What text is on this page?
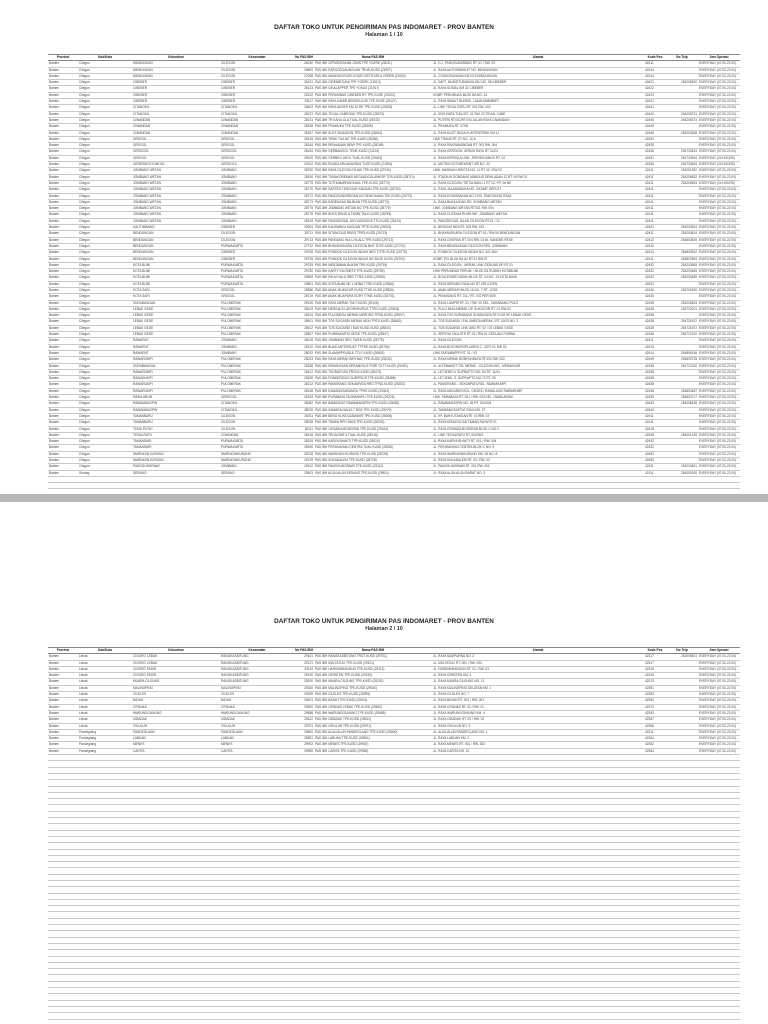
DAFTAR TOKO UNTUK PENGIRIMAN PAS INDOMARET - PROV BANTEN
Halaman 1 / 10
Provinsi	Kab/Kota	Kelurahan	Kecamatan	No PAS IBH	Nama PAS IBH	Alamat	Kode Pos	No Telp	Jam Operasi
Banten	Cilegon	MINDUNGAN	CILEGON	26230	PAS IBH CIPNGKEAKAN JOMS TPE YGERK (26031)	JL. H.J. PANGSUMARANG RT. 01 / RW. 03	42411		EVERYDAY (07.00-22.00)
Banten	Cilegon	MINDUNGAN	CILEGON	26800	PAS IBH RAPUODIJAUNGUAN TRUR-KUSD (21907)	JL. RAYA AUTOSINASUIT NO. MINDUNGAN	42414		EVERYDAY (07.00-22.00)
Banten	Cilegon	MINDUNGAN	CILEGON	27098	PAS IBH MUNDUN RUSG KOUR DISTR MR-A YEDRB (21900)	JL. CITANGKUNGAN KM 03.5 MINDUNGAN	42414		EVERYDAY (07.00-22.00)
Banten	Cilegon	CIBEBER	CIBEBER	26131	PAS IBH CIRENBITUNA TPE YGERK (21913)	JL. KAPT. MUDIRTUIMANGLIGU NO. 08 CIBEBER	42421	254206532	EVERYDAY (07.00-22.00)
Banten	Cilegon	CIBEBER	CIBEBER	26123	PAS IBH CIKALAPPER TPE YOKUS (21917)	JL. RAYA SOSIAL KM 31 CIBEBER	42422		EVERYDAY (07.00-22.00)
Banten	Cilegon	CIBEBER	CIBEBER	28132	PAS IBH PERUMNAS CIBEBER RY TPE-KUSE (29122)	KOMP. PERUMNAS BLOK BA NO. 12	42423		EVERYDAY (07.00-22.00)
Banten	Cilegon	CIBEBER	CIBEBER	29117	PAS IBH RAYA KAMIR BENGKULOK TPE-KUSE (29127)	JL. RAYA SMAUT BUNGIK, LAMA SAMMBATI	42421		EVERYDAY (07.00-22.00)
Banten	Cilegon	CITANGKIL	CITANGKIL	28403	PAS IBH RAYA ANYER KM 10 RE TPE-KUSD (29003)	JL. LINK TEGAL RATU RT. 001 RW. 003	42441		EVERYDAY (07.00-22.00)
Banten	Cilegon	CITANGKIL	CITANGKIL	28073	PAS IBH TEGAL CABEONG TPE-KUSD (28073)	JL. KNG.KARA TUNJ RT. 01 RW. 02 TEGAL CABE	42442	254205731	EVERYDAY (07.00-22.00)
Banten	Cilegon	CIWANDAN	CIWANDAN	28131	PAS IBH TR KANA ULU TUAL-KUSD (29232)	JL. PUTERI RT.001/RT.004 JALAN RAYA CIWANDAN	42445	254205274	EVERYDAY (07.00-22.00)
Banten	Cilegon	CIWANDAN	CIWANDAN	28238	PAS IBH PRAMUKA TPE-KUSD (28305)	JL. PRAMUKA RT. 07/06	42445		EVERYDAY (07.00-22.00)
Banten	Cilegon	CIWANDAN	CIWANDAN	28337	PAS IBH KUYT BAGASON TPE-KUSD (28264)	JL. RAYA KUJIT NUSA KUMTIPATERIK KM 11	42446	254203468	EVERYDAY (07.00-22.00)
Banten	Cilegon	GROGOL	GROGOL	28145	PAS IBH TIPAK TUA NE TPE-KUSD (28260)	LINK TRANS RT. 07 NO. 12 A	42432		EVERYDAY (07.00-22.00)
Banten	Cilegon	GROGOL	GROGOL	28184	PAS IBH RENAANAN BEMI TPE-KUSD (28248)	JL. RAYA RAKRAMUNGAN RT. 003 RW. 004	42435		EVERYDAY (07.00-22.00)
Banten	Cilegon	GEROGOL	GEROGOL	28164	PAS IBH GERBANGOL TENE-KUSD (21123)	JL. RAYA GEROGOL JERUM RAYA RT 01/04	42436	254723434	EVERYDAY (07.00-22.00)
Banten	Cilegon	GROGOL	GROGOL	29100	PAS IBH GERBKO UKOL TUAL-KUSD (29004)	JL. RAYA KEPENLA LINK. JEROM KAMUG RT. 02	42431	254723454	EVERYDAY (24 HOURS)
Banten	Cilegon	GERESIKOLYUMOOL	GERGOLO	29102	PAS IBH RUAKA ARUAKAVRAS TUSF-KUSD (21904)	JL. MUTIMI GOTOBTARINT. BR NO. 22	42436	254723454	EVERYDAY (24 HOURS)
Banten	Cilegon	JOMBANG WETAN	JOMBANG	28750	PAS IBH RAYA CILEGON FAJAK TPE-KUSD (29740)	LINK. MARKAN UNDOTA NO. 11 RT 02 / RW 02	42411	254201252	EVERYDAY (07.00-22.00)
Banten	Cilegon	JOMBANG WETAN	JOMBANG	28150	PAS IBH TUNAKOREMAR NEGAUDGGLANKGR TDS-KUSD (28710)	JL. STADIUN GONDANG MANDUR DEMLADAN 12 RT 04 RW 01	42411	254206632	EVERYDAY (07.00-22.00)
Banten	Cilegon	JOMBANG WETAN	JOMBANG	28775	PAS IBH TUTHUBARNGGKAUL TPE-KUSD (28770)	JL. RAYA CILEGON / SETIA BAKU 1 RT 02 / RT 06 NE	42411	254206553	EVERYDAY (24 HOURS)
Banten	Cilegon	JOMBANG WETAN	JOMBANG	28770	PAS IBH SAPTEN TENGGAR KBAGAN TPE-KUSD (28750)	JL. RAYA JALAN/MALKA NO. 2/KAMP. DEPUTI	42411		EVERYDAY (07.00-22.00)
Banten	Cilegon	JOMBANG WETAN	JOMBANG	28772	PAS IBH PANGGUNGRDOAN KG DENIGAHAN TEK-KUSD (29772)	JL. RAYA KONIGBAKAN NO 3 RG. PANGGUNG RAYA	42411		EVERYDAY (07.00-22.00)
Banten	Cilegon	JOMBANG WETAN	JOMBANG	28773	PAS IBH KAREAGAN BAJIKAN TPE-KUSD (28773)	JL. RAYA BUKILMOAN RG. SOMBANG WETAN	42411		EVERYDAY (07.00-22.00)
Banten	Cilegon	JOMBANG WETAN	JOMBANG	28775	PAS IBH JOMBANG WETAN NG TPE-KUSD (28779)	LINK. JOMBANG WETAN RT.001 RW. 004	42411		EVERYDAY (07.00-22.00)
Banten	Cilegon	JOMBANG WETAN	JOMBANG	28778	PAS IBH BUKS BONG A TNOBI TNLE-KUSD (28755)	JL. RAYA CUTAYAA RUHN WE. JOMBANG WETAN	42411		EVERYDAY (07.00-22.00)
Banten	Cilegon	JOMBANG WETAN	JOMBANG	28194	PAS IBH PANGDEGAN JAYLUAGNGOS TPJ-KUSD (28191)	JL. PANGDEGAN JALAN CILEGON RT.01 / 12	42411		EVERYDAY (07.00-22.00)
Banten	Cilegon	KALITIMBANG	CIBEBER	29004	PAS IBH KALRWAKU KAGUAN TPTE-KUSD (29003)	JL. BROUNG NEA RT. 003 RW. 001	42421	254203624	EVERYDAY (07.00-22.00)
Banten	Cilegon	BENDUNGAN	CILEGON	28711	PAS IBH SITANGJUG RBSG TPES-KUSD (29713)	JL. BHAYANGKARA CILEGON RT 01 / RW 06 BENDUNGAN	42411	254203624	EVERYDAY (07.00-22.00)
Banten	Cilegon	BENDUNGAN	CILEGON	29713	PAS IBH PANGANG HULU SLALU TPE-KUSD (29713)	JL. RAYA CIKERAS RT. 004 RW. 01 NI. SANGNE RESE	42412	254803545	EVERYDAY (07.00-22.00)
Banten	Cilegon	BENDUNGAN	PURWAKARTA	27722	PAS IBH BHAYANGKARA CILEGON BHS TDTE-KUSD (27721)	JL. RAYA BENDUNGAN CILEGON RES. JOMBANG	42416		EVERYDAY (07.00-22.00)
Banten	Cilegon	BENDUNGAN	CIBEBER	29708	PAS IBH PONDOK CILEGON INDAH NEG TOTE-KUSD (29779)	JL. PONDOK CILEGON INDAH NO. 001 BLK	42413	254803512	EVERYDAY (07.00-22.00)
Banten	Cilegon	BENDUNGAN	CIBEBER	29735	PAS IBH PONDOK CILEGON INDAH NG BLOK KUSD (29792)	KOMP. PCI BLOK B4 A2 RT.01 RW.07	42411	254807863	EVERYDAY (07.00-22.00)
Banten	Cilegon	KOTA BUMI	PURWAKARTA	29753	PAS IBH MENTAWAN BUKAR TRK-KUSD (29793)	JL. RAYA CILEGON - MERAK LINK GEDUNG KP RT 01	42432	254203565	EVERYDAY (07.00-22.00)
Banten	Cilegon	KOTA BUMI	PURWAKARTA	29780	PAS IBH KARTY KILOMETE TPE-KUSD (29780)	LINK PERUMNAS PERUM. I BLOK B3 RUMAH KOTABUMI	42432	254203489	EVERYDAY (07.00-22.00)
Banten	Cilegon	KOTA BUMI	PURWAKARTA	29808	PAS IBH PALM HULU RBG TTRG-KUSD (29800)	JL. BOULEVARD INDAH BLOK RT. 04 NO. 13 KOTA BUMI	42432	254203489	EVERYDAY (07.00-22.00)
Banten	Cilegon	KOTA BUMI	PURWAKARTA	29851	PAS IBH KOTA BUMI NK 1 NOBA TYRE-KUSD (29840)	JL. RAYA SERANG RAJA NO RT 003 CIGEN	42432		EVERYDAY (07.00-22.00)
Banten	Cilegon	KOTA SARI	GROGOL	29856	PAS IBH ANAK MUKAYUR KUSD TTHE-KUSD (29826)	JL. ANAK MERAPI BLOK 16 NO. 7 RT. 12/03	42436	254702450	EVERYDAY (07.00-22.00)
Banten	Cilegon	KOTA SARI	GROGOL	28719	PAS IBH ANAK MUAPURA SORY TTME-KUSD (28701)	JL. PEMASANG RT. 011 / RT. 002 PER BOK	42436		EVERYDAY (07.00-22.00)
Banten	Cilegon	SURABANGAN	PULOMERAK	29126	PAS IBH RAYA MERAK TNLT-KUSD (29106)	JL. RAYA LAMPIR RT. 01 / RW. 02 KEL. SURABANG PULO	42438	254206533	EVERYDAY (07.00-22.00)
Banten	Cilegon	LEBAK GEDE	PULOMERAK	28103	PAS IBH MERINA S.LAPORHKUPUS TTPE-KUSD (29505)	JL. PULO MISA MERAK UP. SUKOCHR RT. 01 RW 02	42438	254722101	EVERYDAY (07.00-22.00)
Banten	Cilegon	LEBAK GEDE	PULOMERAK	28104	PAS IBH PULOMEGA MERAK MERONG TPNS-KUSD (29507)	JL. RAYA TOS SURABANG SUNDAYAYA RT.01/02 KP LEBAK GEDE	42438		EVERYDAY (07.00-22.00)
Banten	Cilegon	LEBAK GEDE	PULOMERAK	28501	PAS IBH TOS SUGARDI MERAK NEAI TPES-KUSD (28653)	JL. TOS SUGARDI / PULOMEGA MERAK / RT. 02/03 NO. 2	42438	254721672	EVERYDAY (07.00-22.00)
Banten	Cilegon	LEBAK GEDE	PULOMERAK	28512	PAS IBH TOS SUGARDI I BUS KUSD-KUSD (28500)	JL. TOS SUGARDI LINK GBO RT. 02 / 02 LEBAK GEDE	42438	254721672	EVERYDAY (07.00-22.00)
Banten	Cilegon	LEBAK GEDE	PULOMERAK	28507	PAS IBH PURWAKARTA GEDE TPE-KUSD (28507)	JL. SERTHA CIKUJITS RT 02 / RW 01 GEDUNG PURWA	42438	254722100	EVERYDAY (07.00-22.00)
Banten	Cilegon	RAWARUT	JOMBANG	28018	PAS IBH JOMBANG REG TWER-KUSD (28778)	JL. RAYA CILEGON	42411		EVERYDAY (07.00-22.00)
Banten	Cilegon	RAWARUT	JOMBANG	28132	PAS IBH BUAS ANTERSUKT TTPSE KUSD (28754)	JL. RAYA BOJONGROPLASEDI C. 31RT 01 RW 03	42415		EVERYDAY (07.00-22.00)
Banten	Cilegon	RAWARUT	JOMBANG	28022	PAS IBH SLAMAPPRUDUL TTLF-KUSD (28802)	LINK SURABAPPR RT. 01 / 03	42414	254896146	EVERYDAY (07.00-22.00)
Banten	Cilegon	RAWARUMPI	PULOMERAK	28203	PAS IBH RAYA MERAK BIRYNAY TPE-KUSD (29232)	JL. RAYA MERAK BOBPUNRAYA RT.003 RW. 002	42439	254809725	EVERYDAY (07.00-22.00)
Banten	Cilegon	SURABANGAN	PULOMERAK	28188	PAS IBH KEMANYAAR KERAMOLUT PURI TUTT-KUSD (29182)	JL. ALTEMANOT TOL MERAK - CILEGON KEL. MERAKNAR	42438	254722100	EVERYDAY (07.00-22.00)
Banten	Cilegon	RAWARUMPI	PULOMERAK	28412	PAS IBH TNURAFGAS PROLS-KUSD (28473)	JL. LETJEND.N. SUPRAPTO NO. 84 RT. 11/04	42438		EVERYDAY (07.00-22.00)
Banten	Cilegon	RAWARUMPI	PULOMERAK	28498	PAS IBH PONDERDIUS SURPRICE TPE-KUSD (28488)	JL. LETJEND. S. SUPRAPTO NO.72 RT. 05	42438		EVERYDAY (07.00-22.00)
Banten	Cilegon	RAWARUMPI	PULOMERAK	28212	PAS IBH PAMORANG SEKANPATA RRG TPNS-KUSD (29253)	JL. PAMORANG - SEKANPATA RDL. RAWARUMPI	42438		EVERYDAY (07.00-22.00)
Banten	Cilegon	RAWARUMPI	PULOMERAK	28148	PAS IBH KAMANGGARANOU TPHE-KUSD (29342)	JL. RAYA ANDARUS BOL. CIKATA I RAMALAUN RAWARUMP	42438	254803487	EVERYDAY (07.00-22.00)
Banten	Cilegon	RAWA ARUM	GEROGOL	28154	PAS IBH PURABAYA TAUMANHPU TPE-KUSD (29225)	LINK. PARABAYA RT. 001 / RW. 003 KEL. RAWA ARUM	42435	254803717	EVERYDAY (07.00-22.00)
Banten	Cilegon	RAWAMANGPIN	CITANGKIL	28082	PAS IBH BAMASDAT RAWAMANGPIN TPE-KUSD (28082)	JL. RAWAMANGPIN NO. 45 RT. 001/004	42443	254208438	EVERYDAY (07.00-22.00)
Banten	Cilegon	RAWAMANGPIN	CITANGKIL	28078	PAS IBH SAMARACAN KLT RGE TPE-KUSD (29079)	JL. TAMBANGSAPTAT RAYA NO. 27	42443		EVERYDAY (07.00-22.00)
Banten	Cilegon	TAMANBARU	CILEGON	28011	PAS IBH BENG KUNTAGAMAKRI TPE-KUSD (28006)	JL. KP. BANYUTANGAN RT. 01/RW. 03	42411		EVERYDAY (07.00-22.00)
Banten	Cilegon	TAMANBARU	CILEGON	28038	PAS IBH TAMAN RPH RAYA TPE-KUSD (28303)	JL. RAYA KEMAYUCAN TAMAN RAYA RT.01	42411		EVERYDAY (07.00-22.00)
Banten	Cilegon	TEMU PUTIH	CILEGON	28111	PAS IBH CIRANDA BOGERAN TPE-KUSD (29163)	JL. RAYA CIRANDA BOGERAN BLOK C NO.2	42418		EVERYDAY (07.00-22.00)
Banten	Cilegon	TEGALRATU	CIWANDAN	28218	PAS IBH TEGALRATU TUAL-KUSD (28218)	JL. LINK TEGALRATU RT. 002/003	42445	254201235	EVERYDAY (07.00-22.00)
Banten	Cilegon	TAMANSARI	PURWAKARTA	28319	PAS IBH KARYA BHAKTI TPE-KUSD (28310)	JL. RAYA KARYA BHAKTI RT. 001 / RW. 004	42432		EVERYDAY (07.00-22.00)
Banten	Cilegon	TAMANSARI	PURWAKARTA	28390	PAS IBH PERUMAHAN CENTRA TUAL-KUSD (28340)	JL. PERUMAHAN CENTRA BLOK C NO. 9	42432		EVERYDAY (07.00-22.00)
Banten	Cilegon	WARINGIN KURUNG	WARINGINKURUNG	28728	PAS IBH WARINGIN KURUNG TPE-KUSD (28728)	JL. RAYA WARINGINKURUNG KM. 06 NO. 8	42453		EVERYDAY (07.00-22.00)
Banten	Cilegon	WARINGIN KURUNG	WARINGINKURUNG	28729	PAS IBH SUKADALEM TPE-KUSD (28729)	JL. RAYA SUKADALEM RT. 03 / RW. 02	42453		EVERYDAY (07.00-22.00)
Banten	Cilegon	PANGGUNGRAWI	JOMBANG	29102	PAS IBH PANGGUNGRAWI TPE-KUSD (29112)	JL. PANGGUNGRAWI RT. 001 RW. 004	42411	254203451	EVERYDAY (07.00-22.00)
Banten	Serang	SERANG	SERANG	29501	PAS IBH ALUN ALUN SERANG TPE-KUSD (29501)	JL. RAYA ALUN ALUN BARAT NO. 3	42111	254201500	EVERYDAY (07.00-22.00)

DAFTAR TOKO UNTUK PENGIRIMAN PAS INDOMARET - PROV BANTEN
Halaman 2 / 10
Provinsi	Kab/Kota	Kelurahan	Kecamatan	No PAS IBH	Nama PAS IBH	Alamat	Kode Pos	No Telp	Jam Operasi
Banten	Lebak	CIGORO LEBAK	RANGKASBITUNG	29101	PAS IBH RANGKASBITUNG TRUT-KUSD (29701)	JL. RAYA SAMPURNA NO. 2	42317	252005631	EVERYDAY (07.00-22.00)
Banten	Lebak	CIGORO LEBAK	RANGKASBITUNG	29121	PAS IBH MULTATULI TPE-KUSD (29101)	JL. MULTATULI RT. 001 / RW. 004	42317		EVERYDAY (07.00-22.00)
Banten	Lebak	CIGORO PASIR	RANGKASBITUNG	29115	PAS IBH HARDIWINANGUN TPE-KUSD (29112)	JL. HARDIWINANGUN RT. 02 / RW. 03	42316		EVERYDAY (07.00-22.00)
Banten	Lebak	CIGORO PASIR	RANGKASBITUNG	29190	PAS IBH CIRINTEN TPE-KUSD (29190)	JL. RAYA CIRINTEN KM. 3	42316		EVERYDAY (07.00-22.00)
Banten	Lebak	MUARA CIUJUNG	RANGKASBITUNG	29200	PAS IBH MUARA CIUJUNG TPE-KUSD (29202)	JL. RAYA MUARA CIUJUNG NO. 12	42313		EVERYDAY (07.00-22.00)
Banten	Lebak	MALINGPING	MALINGPING	29340	PAS IBH MALINGPING TPE-KUSD (29340)	JL. RAYA MALINGPING SELATAN KM. 1	42391		EVERYDAY (07.00-22.00)
Banten	Lebak	CILELES	CILELES	29399	PAS IBH CILELES TPE-KUSD (29399)	JL. RAYA CILELES NO. 7	42353		EVERYDAY (07.00-22.00)
Banten	Lebak	BAYAH	BAYAH	29401	PAS IBH BAYAH TPE-KUSD (29401)	JL. RAYA BAYAH RT. 001 / RW. 001	42393		EVERYDAY (07.00-22.00)
Banten	Lebak	CIPANAS	CIPANAS	29500	PAS IBH CIPANAS LEBAK TPE-KUSD (29500)	JL. RAYA CIPANAS RT. 02 / RW. 01	42372		EVERYDAY (07.00-22.00)
Banten	Lebak	WARUNGGUNUNG	WARUNGGUNUNG	29588	PAS IBH WARUNGGUNUNG TPE-KUSD (29588)	JL. RAYA WARUNGGUNUNG KM. 4	42352		EVERYDAY (07.00-22.00)
Banten	Lebak	CIBADAK	CIBADAK	29612	PAS IBH CIBADAK TPE-KUSD (29612)	JL. RAYA CIBADAK RT. 03 / RW. 02	42357		EVERYDAY (07.00-22.00)
Banten	Lebak	CIKULUR	CIKULUR	29701	PAS IBH CIKULUR TPE-KUSD (29701)	JL. RAYA CIKULUR NO. 9	42356		EVERYDAY (07.00-22.00)
Banten	Pandeglang	PANDEGLANG	PANDEGLANG	29800	PAS IBH ALUN ALUN PANDEGLANG TPE-KUSD (29800)	JL. ALUN ALUN PANDEGLANG NO. 1	42211		EVERYDAY (07.00-22.00)
Banten	Pandeglang	LABUAN	LABUAN	29851	PAS IBH LABUAN TPE-KUSD (29851)	JL. RAYA LABUAN KM. 2	42264		EVERYDAY (07.00-22.00)
Banten	Pandeglang	MENES	MENES	29902	PAS IBH MENES TPE-KUSD (29902)	JL. RAYA MENES RT. 001 / RW. 002	42262		EVERYDAY (07.00-22.00)
Banten	Pandeglang	CARITA	CARITA	29950	PAS IBH CARITA TPE-KUSD (29950)	JL. RAYA CARITA KM. 10	42264		EVERYDAY (07.00-22.00)
